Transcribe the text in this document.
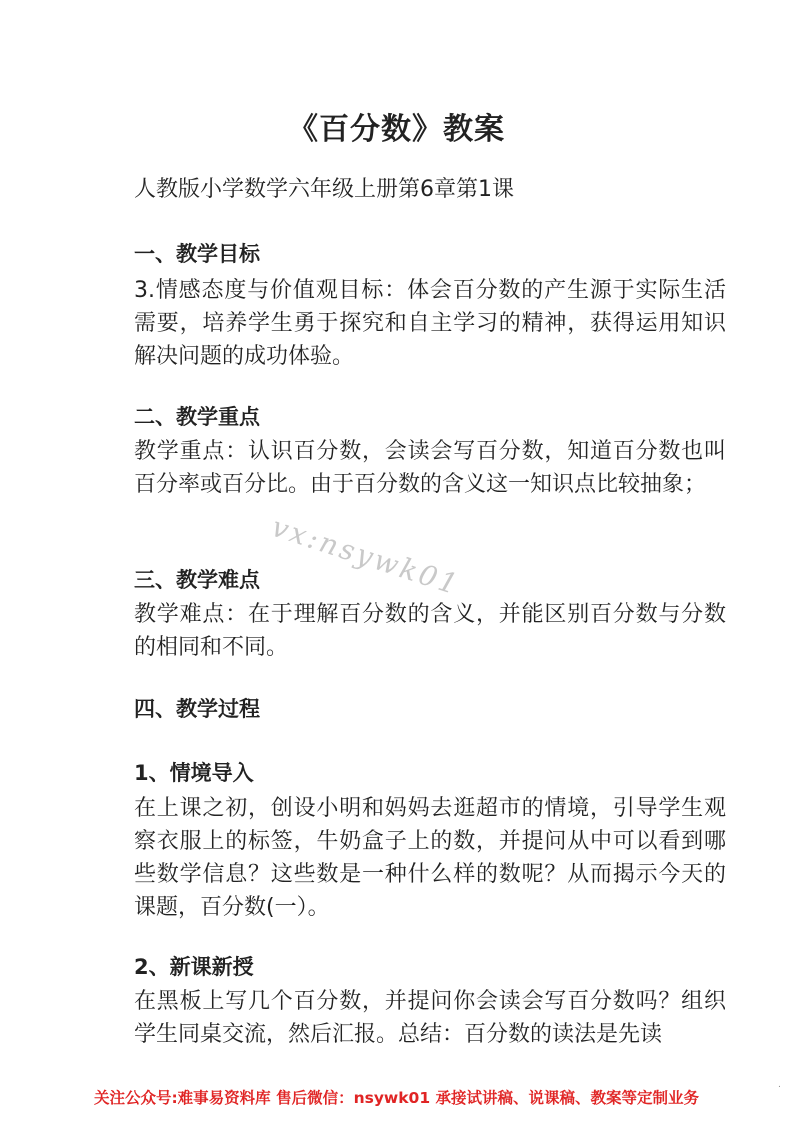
《百分数》教案
人教版小学数学六年级上册第6章第1课
一、教学目标
3.情感态度与价值观目标：体会百分数的产生源于实际生活需要，培养学生勇于探究和自主学习的精神，获得运用知识解决问题的成功体验。
二、教学重点
教学重点：认识百分数，会读会写百分数，知道百分数也叫百分率或百分比。由于百分数的含义这一知识点比较抽象；
vx:nsywk01
三、教学难点
教学难点：在于理解百分数的含义，并能区别百分数与分数的相同和不同。
四、教学过程
1、情境导入
在上课之初，创设小明和妈妈去逛超市的情境，引导学生观察衣服上的标签，牛奶盒子上的数，并提问从中可以看到哪些数学信息？这些数是一种什么样的数呢？从而揭示今天的课题，百分数(一）。
2、新课新授
在黑板上写几个百分数，并提问你会读会写百分数吗？组织学生同桌交流，然后汇报。总结：百分数的读法是先读
关注公众号:难事易资料库 售后微信：nsywk01 承接试讲稿、说课稿、教案等定制业务
.
